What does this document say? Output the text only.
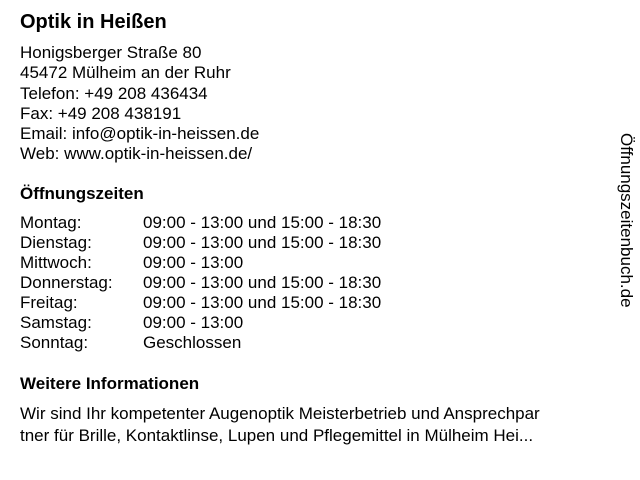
Optik in Heißen
Honigsberger Straße 80
45472 Mülheim an der Ruhr
Telefon: +49 208 436434
Fax: +49 208 438191
Email: info@optik-in-heissen.de
Web: www.optik-in-heissen.de/
Öffnungszeiten
Montag:	09:00 - 13:00 und 15:00 - 18:30
Dienstag:	09:00 - 13:00 und 15:00 - 18:30
Mittwoch:	09:00 - 13:00
Donnerstag: 09:00 - 13:00 und 15:00 - 18:30
Freitag:	09:00 - 13:00 und 15:00 - 18:30
Samstag:	09:00 - 13:00
Sonntag:	Geschlossen
Weitere Informationen
Wir sind Ihr kompetenter Augenoptik Meisterbetrieb und Ansprechpar
tner für Brille, Kontaktlinse, Lupen und Pflegemittel in Mülheim Hei...
Öffnungszeitenbuch.de
